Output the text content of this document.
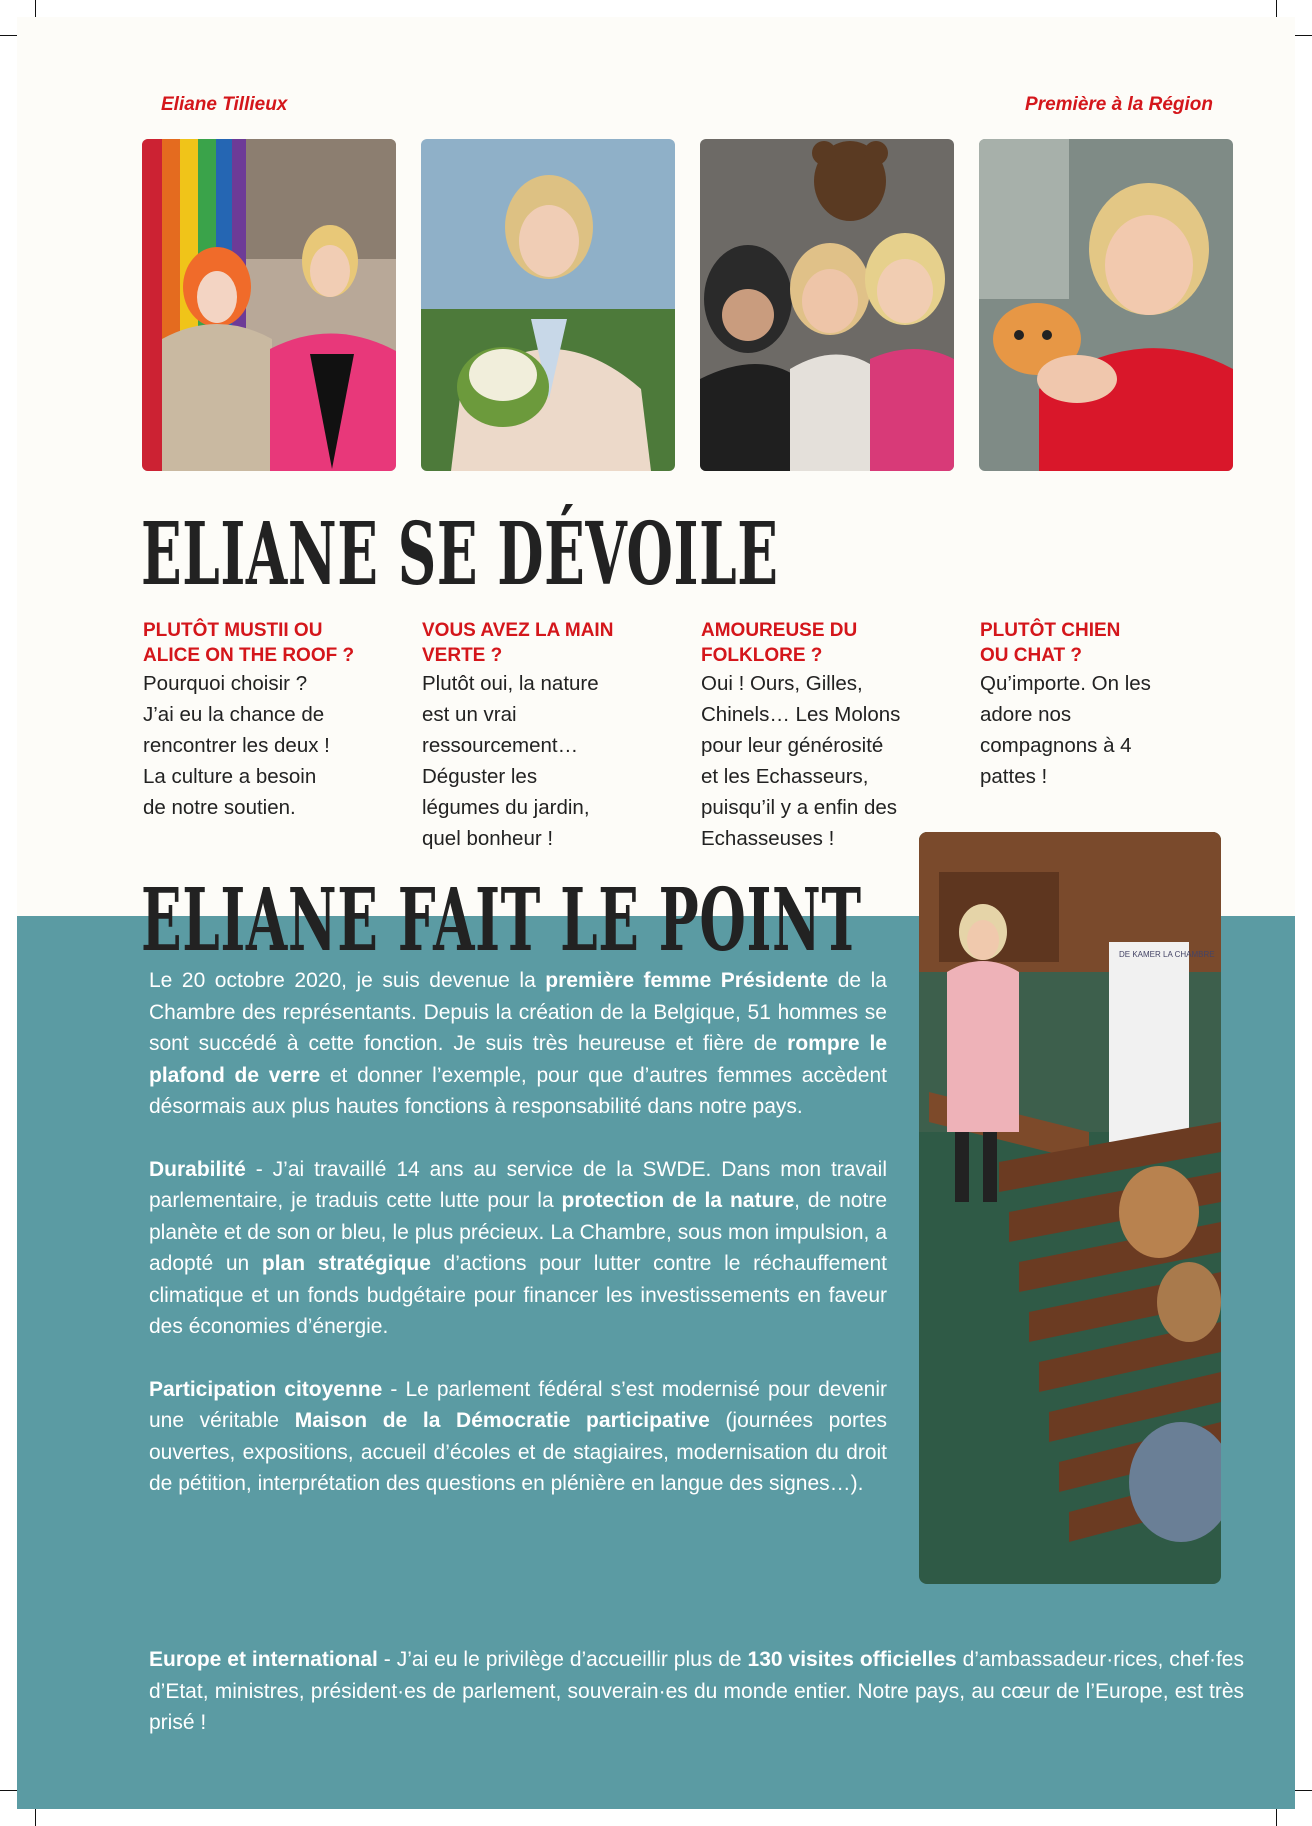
Eliane Tillieux	Première à la Région
ELIANE SE DÉVOILE
PLUTÔT MUSTII OU
ALICE ON THE ROOF ?
Pourquoi choisir ?
J’ai eu la chance de
rencontrer les deux !
La culture a besoin
de notre soutien.
VOUS AVEZ LA MAIN
VERTE ?
Plutôt oui, la nature
est un vrai
ressourcement…
Déguster les
légumes du jardin,
quel bonheur !
AMOUREUSE DU
FOLKLORE ?
Oui ! Ours, Gilles,
Chinels… Les Molons
pour leur générosité
et les Echasseurs,
puisqu’il y a enfin des
Echasseuses !
PLUTÔT CHIEN
OU CHAT ?
Qu’importe. On les
adore nos
compagnons à 4
pattes !
DE KAMER LA CHAMBRE
ELIANE FAIT LE POINT

Le 20 octobre 2020, je suis devenue la première femme Présidente de la Chambre des représentants. Depuis la création de la Belgique, 51 hommes se sont succédé à cette fonction. Je suis très heureuse et fière de rompre le plafond de verre et donner l’exemple, pour que d’autres femmes accèdent désormais aux plus hautes fonctions à responsabilité dans notre pays.

Durabilité - J’ai travaillé 14 ans au service de la SWDE. Dans mon travail parlementaire, je traduis cette lutte pour la protection de la nature, de notre planète et de son or bleu, le plus précieux. La Chambre, sous mon impulsion, a adopté un plan stratégique d’actions pour lutter contre le réchauffement climatique et un fonds budgétaire pour financer les investissements en faveur des économies d’énergie.

Participation citoyenne - Le parlement fédéral s’est modernisé pour devenir une véritable Maison de la Démocratie participative (journées portes ouvertes, expositions, accueil d’écoles et de stagiaires, modernisation du droit de pétition, interprétation des questions en plénière en langue des signes…).

Europe et international - J’ai eu le privilège d’accueillir plus de 130 visites officielles d’ambassadeur·rices, chef·fes d’Etat, ministres, président·es de parlement, souverain·es du monde entier. Notre pays, au cœur de l’Europe, est très prisé !
